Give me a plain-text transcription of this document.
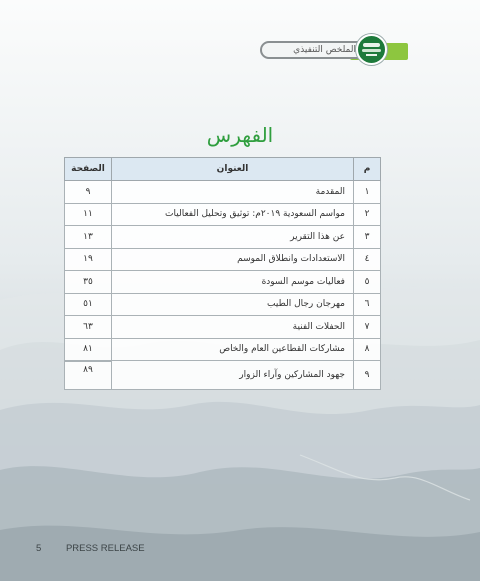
الملخص التنفيذي
الفهرس
م	العنوان	الصفحة
١	المقدمة	٩
٢	مواسم السعودية ٢٠١٩م: توثيق وتحليل الفعاليات	١١
٣	عن هذا التقرير	١٣
٤	الاستعدادات وانطلاق الموسم	١٩
٥	فعاليات موسم السودة	٣٥
٦	مهرجان رجال الطيب	٥١
٧	الحفلات الفنية	٦٣
٨	مشاركات القطاعين العام والخاص	٨١
٩	جهود المشاركين وآراء الزوار	٨٩
5	PRESS RELEASE
